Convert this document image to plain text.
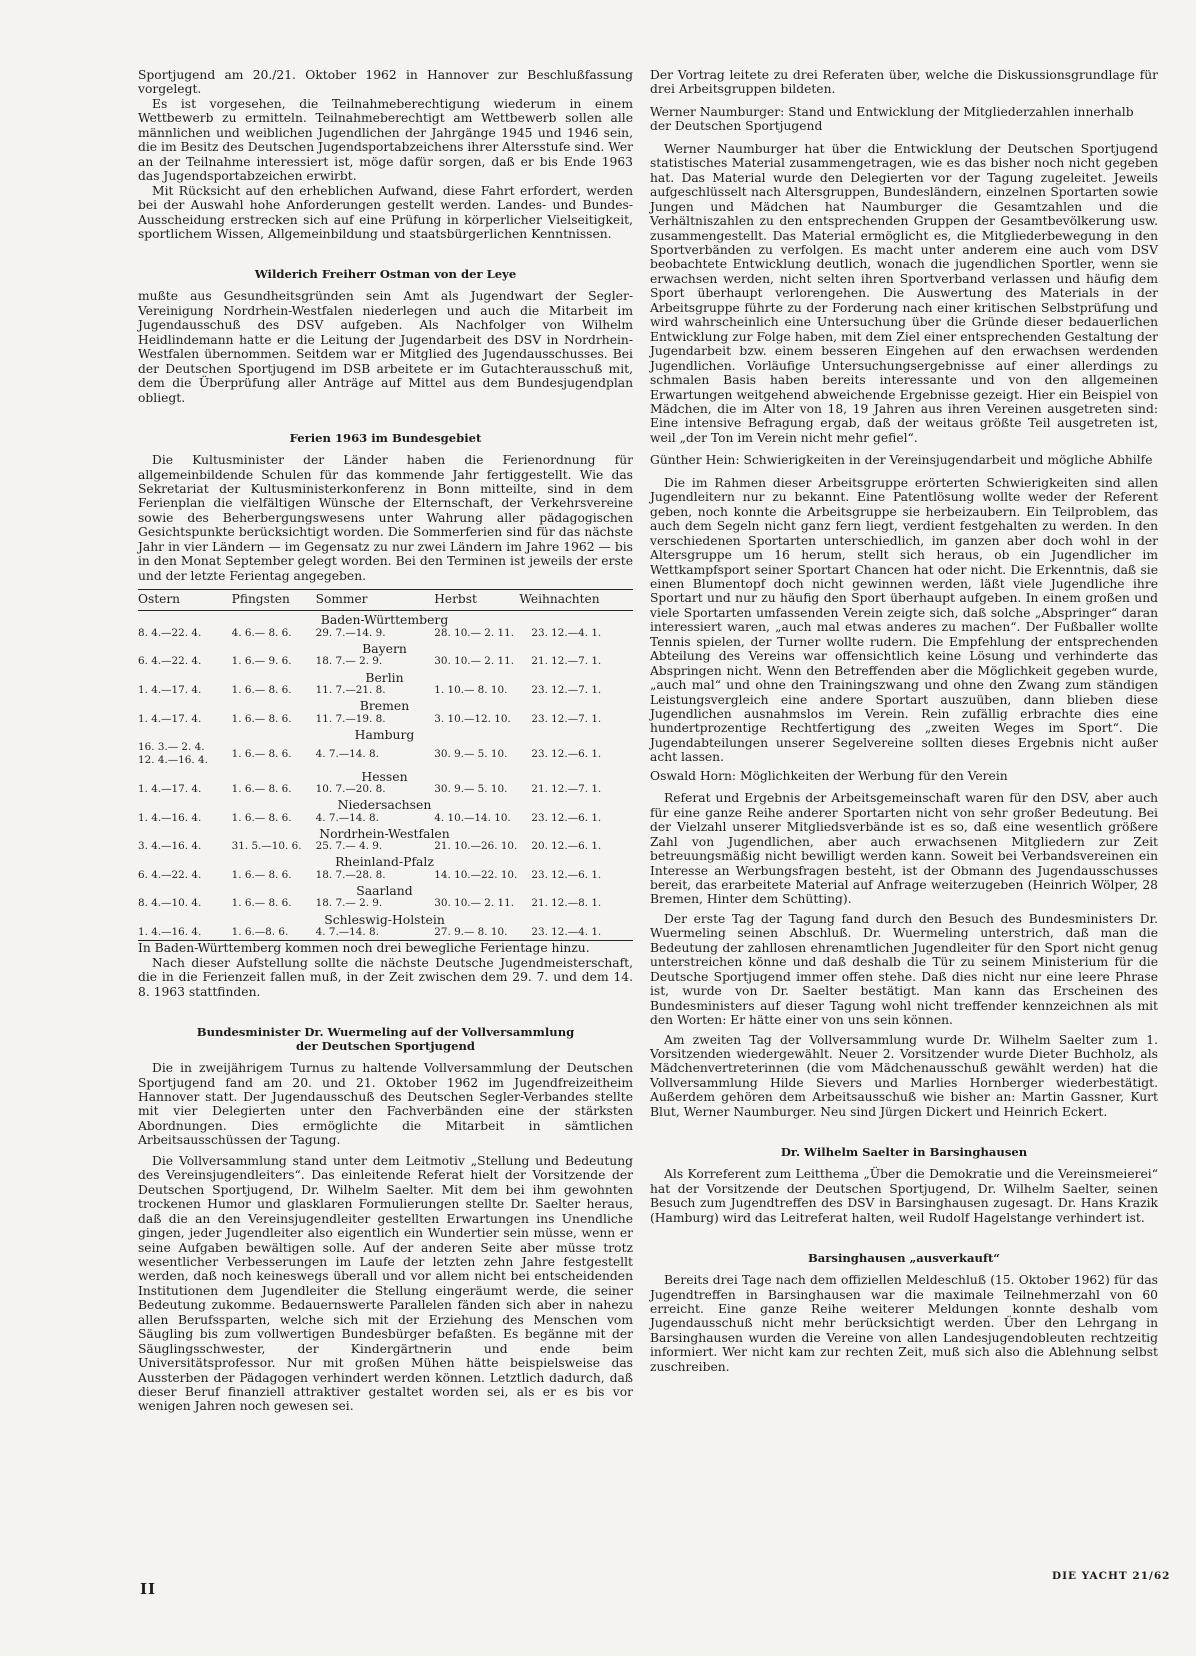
Sportjugend am 20./21. Oktober 1962 in Hannover zur Beschlußfassung vorgelegt.

Es ist vorgesehen, die Teilnahmeberechtigung wiederum in einem Wettbewerb zu ermitteln. Teilnahmeberechtigt am Wettbewerb sollen alle männlichen und weiblichen Jugendlichen der Jahrgänge 1945 und 1946 sein, die im Besitz des Deutschen Jugendsportabzeichens ihrer Altersstufe sind. Wer an der Teilnahme interessiert ist, möge dafür sorgen, daß er bis Ende 1963 das Jugendsportabzeichen erwirbt.

Mit Rücksicht auf den erheblichen Aufwand, diese Fahrt erfordert, werden bei der Auswahl hohe Anforderungen gestellt werden. Landes- und Bundes-Ausscheidung erstrecken sich auf eine Prüfung in körperlicher Vielseitigkeit, sportlichem Wissen, Allgemeinbildung und staatsbürgerlichen Kenntnissen.

Wilderich Freiherr Ostman von der Leye

mußte aus Gesundheitsgründen sein Amt als Jugendwart der Segler-Vereinigung Nordrhein-Westfalen niederlegen und auch die Mitarbeit im Jugendausschuß des DSV aufgeben. Als Nachfolger von Wilhelm Heidlindemann hatte er die Leitung der Jugendarbeit des DSV in Nordrhein-Westfalen übernommen. Seitdem war er Mitglied des Jugendausschusses. Bei der Deutschen Sportjugend im DSB arbeitete er im Gutachterausschuß mit, dem die Überprüfung aller Anträge auf Mittel aus dem Bundesjugendplan obliegt.

Ferien 1963 im Bundesgebiet

Die Kultusminister der Länder haben die Ferienordnung für allgemeinbildende Schulen für das kommende Jahr fertiggestellt. Wie das Sekretariat der Kultusministerkonferenz in Bonn mitteilte, sind in dem Ferienplan die vielfältigen Wünsche der Elternschaft, der Verkehrsvereine sowie des Beherbergungswesens unter Wahrung aller pädagogischen Gesichtspunkte berücksichtigt worden. Die Sommerferien sind für das nächste Jahr in vier Ländern — im Gegensatz zu nur zwei Ländern im Jahre 1962 — bis in den Monat September gelegt worden. Bei den Terminen ist jeweils der erste und der letzte Ferientag angegeben.

Ostern	Pfingsten	Sommer	Herbst	Weihnachten
Baden-Württemberg				
8. 4.—22. 4.	4. 6.— 8. 6.	29. 7.—14. 9.	28. 10.— 2. 11.	23. 12.—4. 1.
Bayern				
6. 4.—22. 4.	1. 6.— 9. 6.	18. 7.— 2. 9.	30. 10.— 2. 11.	21. 12.—7. 1.
Berlin				
1. 4.—17. 4.	1. 6.— 8. 6.	11. 7.—21. 8.	1. 10.— 8. 10.	23. 12.—7. 1.
Bremen				
1. 4.—17. 4.	1. 6.— 8. 6.	11. 7.—19. 8.	3. 10.—12. 10.	23. 12.—7. 1.
Hamburg				
16. 3.— 2. 4.
12. 4.—16. 4.	1. 6.— 8. 6.	4. 7.—14. 8.	30. 9.— 5. 10.	23. 12.—6. 1.
Hessen				
1. 4.—17. 4.	1. 6.— 8. 6.	10. 7.—20. 8.	30. 9.— 5. 10.	21. 12.—7. 1.
Niedersachsen				
1. 4.—16. 4.	1. 6.— 8. 6.	4. 7.—14. 8.	4. 10.—14. 10.	23. 12.—6. 1.
Nordrhein-Westfalen				
3. 4.—16. 4.	31. 5.—10. 6.	25. 7.— 4. 9.	21. 10.—26. 10.	20. 12.—6. 1.
Rheinland-Pfalz				
6. 4.—22. 4.	1. 6.— 8. 6.	18. 7.—28. 8.	14. 10.—22. 10.	23. 12.—6. 1.
Saarland				
8. 4.—10. 4.	1. 6.— 8. 6.	18. 7.— 2. 9.	30. 10.— 2. 11.	21. 12.—8. 1.
Schleswig-Holstein				
1. 4.—16. 4.	1. 6.—8. 6.	4. 7.—14. 8.	27. 9.— 8. 10.	23. 12.—4. 1.

In Baden-Württemberg kommen noch drei bewegliche Ferientage hinzu.

Nach dieser Aufstellung sollte die nächste Deutsche Jugendmeisterschaft, die in die Ferienzeit fallen muß, in der Zeit zwischen dem 29. 7. und dem 14. 8. 1963 stattfinden.

Bundesminister Dr. Wuermeling auf der Vollversammlung
der Deutschen Sportjugend

Die in zweijährigem Turnus zu haltende Vollversammlung der Deutschen Sportjugend fand am 20. und 21. Oktober 1962 im Jugendfreizeitheim Hannover statt. Der Jugendausschuß des Deutschen Segler-Verbandes stellte mit vier Delegierten unter den Fachverbänden eine der stärksten Abordnungen. Dies ermöglichte die Mitarbeit in sämtlichen Arbeitsausschüssen der Tagung.

Die Vollversammlung stand unter dem Leitmotiv „Stellung und Bedeutung des Vereinsjugendleiters“. Das einleitende Referat hielt der Vorsitzende der Deutschen Sportjugend, Dr. Wilhelm Saelter. Mit dem bei ihm gewohnten trockenen Humor und glasklaren Formulierungen stellte Dr. Saelter heraus, daß die an den Vereinsjugendleiter gestellten Erwartungen ins Unendliche gingen, jeder Jugendleiter also eigentlich ein Wundertier sein müsse, wenn er seine Aufgaben bewältigen solle. Auf der anderen Seite aber müsse trotz wesentlicher Verbesserungen im Laufe der letzten zehn Jahre festgestellt werden, daß noch keineswegs überall und vor allem nicht bei entscheidenden Institutionen dem Jugendleiter die Stellung eingeräumt werde, die seiner Bedeutung zukomme. Bedauernswerte Parallelen fänden sich aber in nahezu allen Berufssparten, welche sich mit der Erziehung des Menschen vom Säugling bis zum vollwertigen Bundesbürger befaßten. Es begänne mit der Säuglingsschwester, der Kindergärtnerin und ende beim Universitätsprofessor. Nur mit großen Mühen hätte beispielsweise das Aussterben der Pädagogen verhindert werden können. Letztlich dadurch, daß dieser Beruf finanziell attraktiver gestaltet worden sei, als er es bis vor wenigen Jahren noch gewesen sei.

Der Vortrag leitete zu drei Referaten über, welche die Diskussionsgrundlage für drei Arbeitsgruppen bildeten.

Werner Naumburger: Stand und Entwicklung der Mitgliederzahlen innerhalb der Deutschen Sportjugend

Werner Naumburger hat über die Entwicklung der Deutschen Sportjugend statistisches Material zusammengetragen, wie es das bisher noch nicht gegeben hat. Das Material wurde den Delegierten vor der Tagung zugeleitet. Jeweils aufgeschlüsselt nach Altersgruppen, Bundesländern, einzelnen Sportarten sowie Jungen und Mädchen hat Naumburger die Gesamtzahlen und die Verhältniszahlen zu den entsprechenden Gruppen der Gesamtbevölkerung usw. zusammengestellt. Das Material ermöglicht es, die Mitgliederbewegung in den Sportverbänden zu verfolgen. Es macht unter anderem eine auch vom DSV beobachtete Entwicklung deutlich, wonach die jugendlichen Sportler, wenn sie erwachsen werden, nicht selten ihren Sportverband verlassen und häufig dem Sport überhaupt verlorengehen. Die Auswertung des Materials in der Arbeitsgruppe führte zu der Forderung nach einer kritischen Selbstprüfung und wird wahrscheinlich eine Untersuchung über die Gründe dieser bedauerlichen Entwicklung zur Folge haben, mit dem Ziel einer entsprechenden Gestaltung der Jugendarbeit bzw. einem besseren Eingehen auf den erwachsen werdenden Jugendlichen. Vorläufige Untersuchungsergebnisse auf einer allerdings zu schmalen Basis haben bereits interessante und von den allgemeinen Erwartungen weitgehend abweichende Ergebnisse gezeigt. Hier ein Beispiel von Mädchen, die im Alter von 18, 19 Jahren aus ihren Vereinen ausgetreten sind: Eine intensive Befragung ergab, daß der weitaus größte Teil ausgetreten ist, weil „der Ton im Verein nicht mehr gefiel“.

Günther Hein: Schwierigkeiten in der Vereinsjugendarbeit und mögliche Abhilfe

Die im Rahmen dieser Arbeitsgruppe erörterten Schwierigkeiten sind allen Jugendleitern nur zu bekannt. Eine Patentlösung wollte weder der Referent geben, noch konnte die Arbeitsgruppe sie herbeizaubern. Ein Teilproblem, das auch dem Segeln nicht ganz fern liegt, verdient festgehalten zu werden. In den verschiedenen Sportarten unterschiedlich, im ganzen aber doch wohl in der Altersgruppe um 16 herum, stellt sich heraus, ob ein Jugendlicher im Wettkampfsport seiner Sportart Chancen hat oder nicht. Die Erkenntnis, daß sie einen Blumentopf doch nicht gewinnen werden, läßt viele Jugendliche ihre Sportart und nur zu häufig den Sport überhaupt aufgeben. In einem großen und viele Sportarten umfassenden Verein zeigte sich, daß solche „Abspringer“ daran interessiert waren, „auch mal etwas anderes zu machen“. Der Fußballer wollte Tennis spielen, der Turner wollte rudern. Die Empfehlung der entsprechenden Abteilung des Vereins war offensichtlich keine Lösung und verhinderte das Abspringen nicht. Wenn den Betreffenden aber die Möglichkeit gegeben wurde, „auch mal“ und ohne den Trainingszwang und ohne den Zwang zum ständigen Leistungsvergleich eine andere Sportart auszuüben, dann blieben diese Jugendlichen ausnahmslos im Verein. Rein zufällig erbrachte dies eine hundertprozentige Rechtfertigung des „zweiten Weges im Sport“. Die Jugendabteilungen unserer Segelvereine sollten dieses Ergebnis nicht außer acht lassen.

Oswald Horn: Möglichkeiten der Werbung für den Verein

Referat und Ergebnis der Arbeitsgemeinschaft waren für den DSV, aber auch für eine ganze Reihe anderer Sportarten nicht von sehr großer Bedeutung. Bei der Vielzahl unserer Mitgliedsverbände ist es so, daß eine wesentlich größere Zahl von Jugendlichen, aber auch erwachsenen Mitgliedern zur Zeit betreuungsmäßig nicht bewilligt werden kann. Soweit bei Verbandsvereinen ein Interesse an Werbungsfragen besteht, ist der Obmann des Jugendausschusses bereit, das erarbeitete Material auf Anfrage weiterzugeben (Heinrich Wölper, 28 Bremen, Hinter dem Schütting).

Der erste Tag der Tagung fand durch den Besuch des Bundesministers Dr. Wuermeling seinen Abschluß. Dr. Wuermeling unterstrich, daß man die Bedeutung der zahllosen ehrenamtlichen Jugendleiter für den Sport nicht genug unterstreichen könne und daß deshalb die Tür zu seinem Ministerium für die Deutsche Sportjugend immer offen stehe. Daß dies nicht nur eine leere Phrase ist, wurde von Dr. Saelter bestätigt. Man kann das Erscheinen des Bundesministers auf dieser Tagung wohl nicht treffender kennzeichnen als mit den Worten: Er hätte einer von uns sein können.

Am zweiten Tag der Vollversammlung wurde Dr. Wilhelm Saelter zum 1. Vorsitzenden wiedergewählt. Neuer 2. Vorsitzender wurde Dieter Buchholz, als Mädchenvertreterinnen (die vom Mädchenausschuß gewählt werden) hat die Vollversammlung Hilde Sievers und Marlies Hornberger wiederbestätigt. Außerdem gehören dem Arbeitsausschuß wie bisher an: Martin Gassner, Kurt Blut, Werner Naumburger. Neu sind Jürgen Dickert und Heinrich Eckert.

Dr. Wilhelm Saelter in Barsinghausen

Als Korreferent zum Leitthema „Über die Demokratie und die Vereinsmeierei“ hat der Vorsitzende der Deutschen Sportjugend, Dr. Wilhelm Saelter, seinen Besuch zum Jugendtreffen des DSV in Barsinghausen zugesagt. Dr. Hans Krazik (Hamburg) wird das Leitreferat halten, weil Rudolf Hagelstange verhindert ist.

Barsinghausen „ausverkauft“

Bereits drei Tage nach dem offiziellen Meldeschluß (15. Oktober 1962) für das Jugendtreffen in Barsinghausen war die maximale Teilnehmerzahl von 60 erreicht. Eine ganze Reihe weiterer Meldungen konnte deshalb vom Jugendausschuß nicht mehr berücksichtigt werden. Über den Lehrgang in Barsinghausen wurden die Vereine von allen Landesjugendobleuten rechtzeitig informiert. Wer nicht kam zur rechten Zeit, muß sich also die Ablehnung selbst zuschreiben.

II
DIE YACHT 21/62
